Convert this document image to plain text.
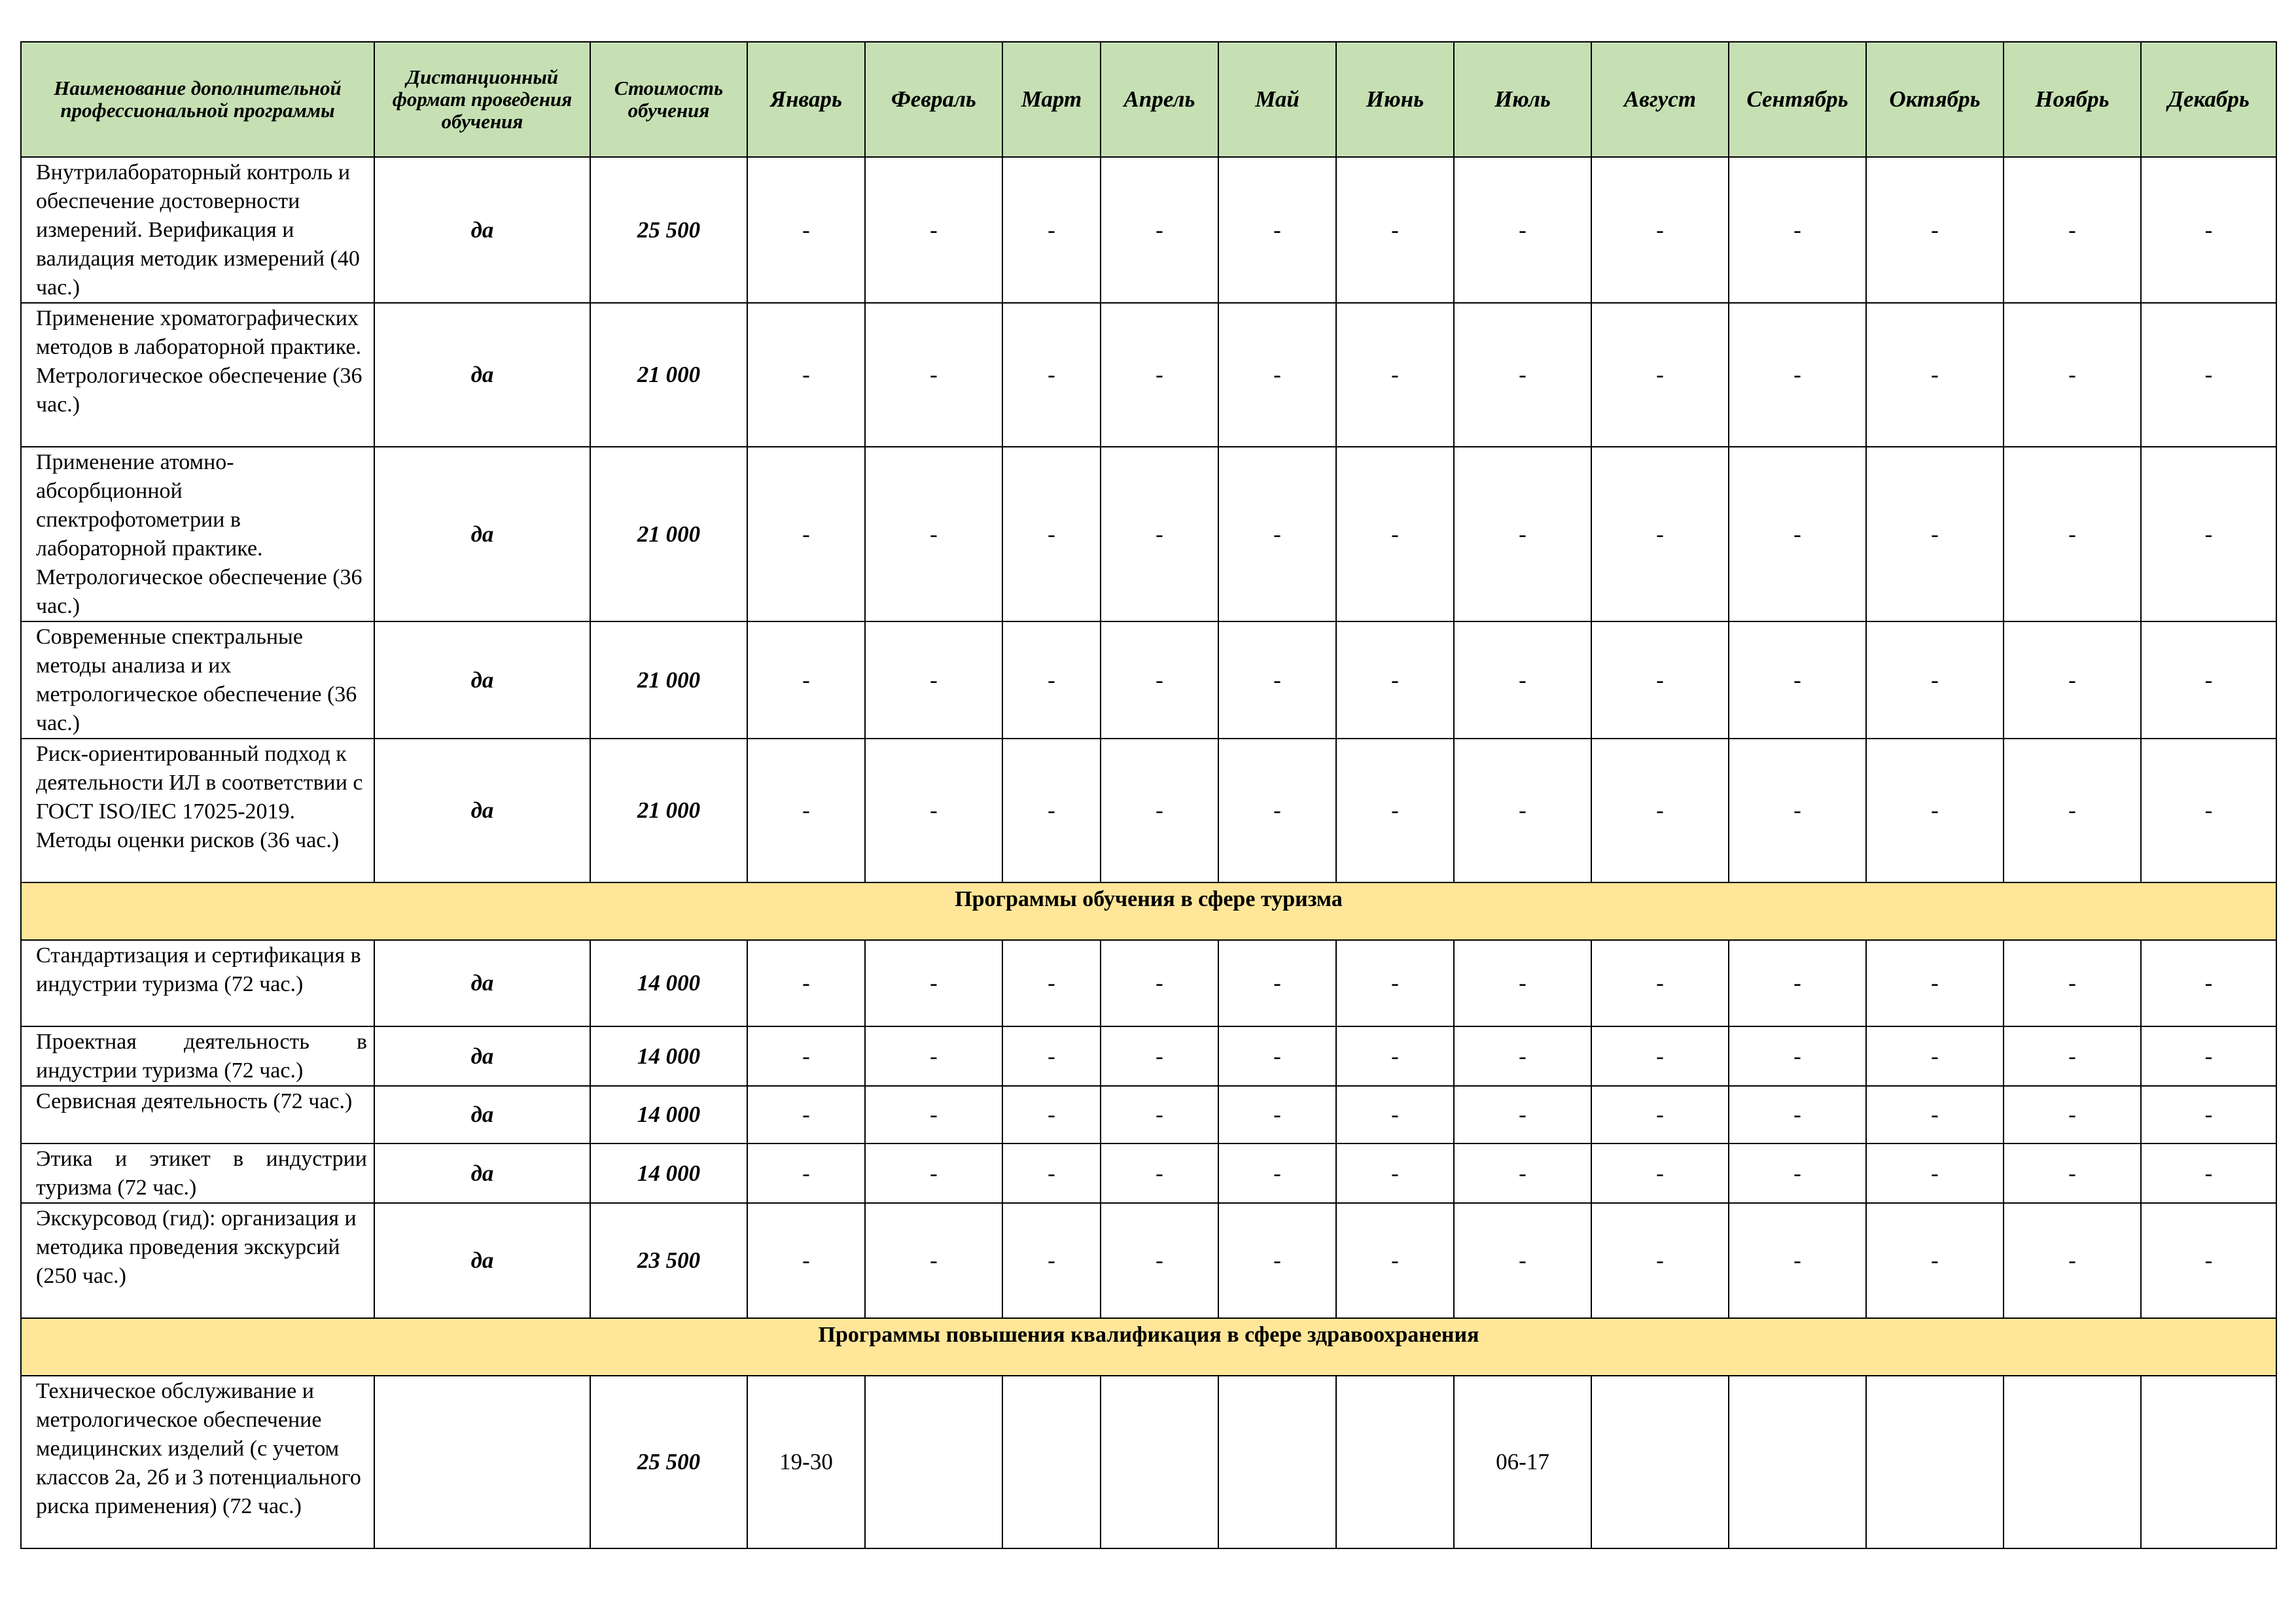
Наименование дополнительной профессиональной программы	Дистанционный формат проведения обучения	Стоимость обучения	Январь	Февраль	Март	Апрель	Май	Июнь	Июль	Август	Сентябрь	Октябрь	Ноябрь	Декабрь
Внутрилабораторный контроль и обеспечение достоверности измерений. Верификация и валидация методик измерений (40 час.)	да	25 500	-	-	-	-	-	-	-	-	-	-	-	-
Применение хроматографических методов в лабораторной практике. Метрологическое обеспечение (36 час.)	да	21 000	-	-	-	-	-	-	-	-	-	-	-	-
Применение атомно-абсорбционной спектрофотометрии в лабораторной практике. Метрологическое обеспечение (36 час.)	да	21 000	-	-	-	-	-	-	-	-	-	-	-	-
Современные спектральные методы анализа и их метрологическое обеспечение (36 час.)	да	21 000	-	-	-	-	-	-	-	-	-	-	-	-
Риск-ориентированный подход к деятельности ИЛ в соответствии с ГОСТ ISO/IEC 17025-2019. Методы оценки рисков (36 час.)	да	21 000	-	-	-	-	-	-	-	-	-	-	-	-
Программы обучения в сфере туризма														
Стандартизация и сертификация в индустрии туризма (72 час.)	да	14 000	-	-	-	-	-	-	-	-	-	-	-	-
Проектная деятельность в индустрии туризма (72 час.)	да	14 000	-	-	-	-	-	-	-	-	-	-	-	-
Сервисная деятельность (72 час.)	да	14 000	-	-	-	-	-	-	-	-	-	-	-	-
Этика и этикет в индустрии туризма (72 час.)	да	14 000	-	-	-	-	-	-	-	-	-	-	-	-
Экскурсовод (гид): организация и методика проведения экскурсий (250 час.)	да	23 500	-	-	-	-	-	-	-	-	-	-	-	-
Программы повышения квалификация в сфере здравоохранения														
Техническое обслуживание и метрологическое обеспечение медицинских изделий (с учетом классов 2а, 2б и 3 потенциального риска применения) (72 час.)		25 500	19-30						06-17					
